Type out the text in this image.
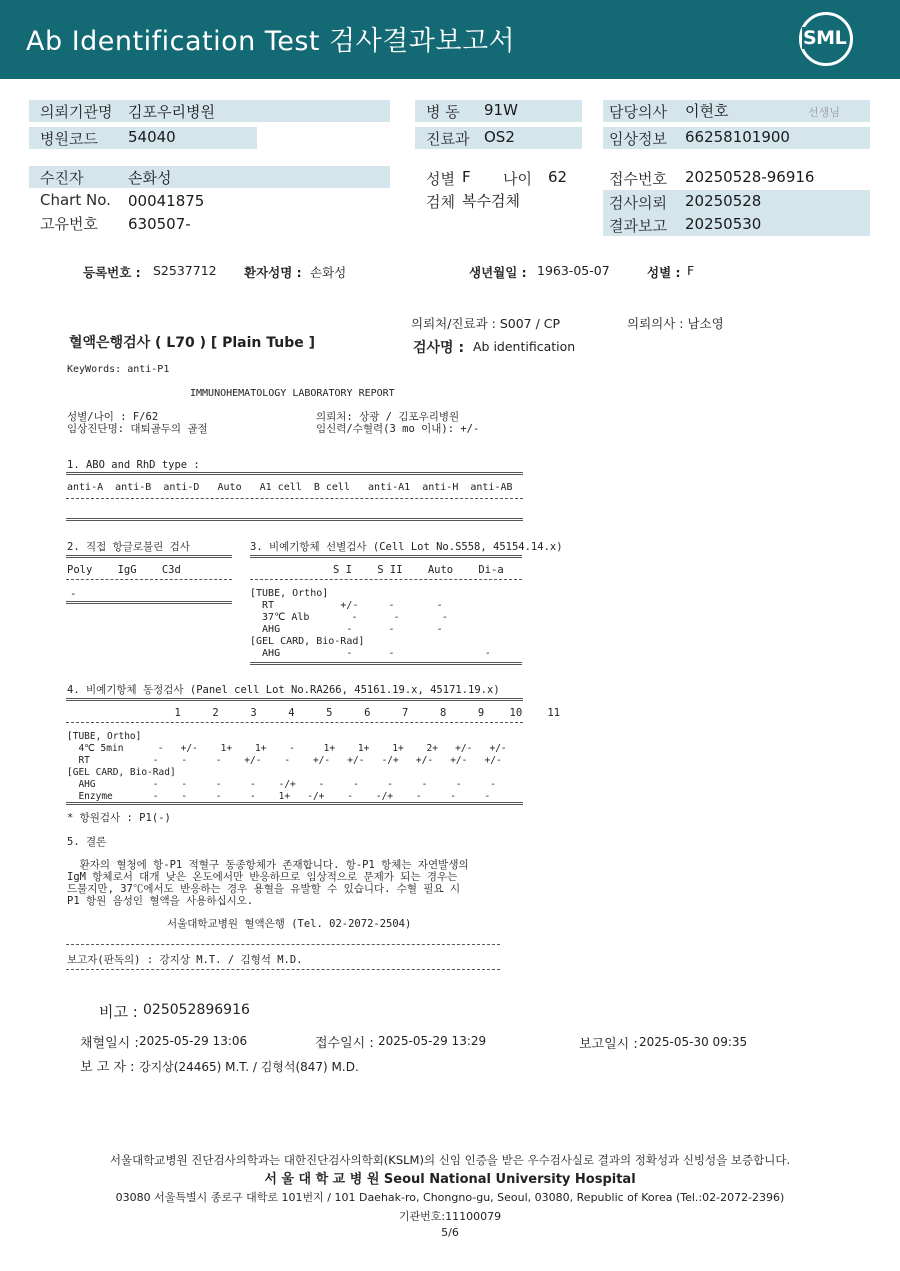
Ab Identification Test 검사결과보고서	SML
의뢰기관명 김포우리병원
병원코드 54040
병 동 91W
진료과 OS2
담당의사 이현호	선생님
임상정보 66258101900
수진자	손화성
Chart No. 00041875
고유번호 630507-
성별 F 나이 62
검체 복수검체
접수번호 20250528-96916
검사의뢰 20250528
결과보고 20250530
등록번호 : S2537712 환자성명 : 손화성	생년월일 : 1963-05-07	성별 : F
혈액은행검사 ( L70 ) [ Plain Tube ]
의뢰처/진료과 : S007 / CP	의뢰의사 : 남소영
검사명 : Ab identification
KeyWords: anti-P1
IMMUNOHEMATOLOGY LABORATORY REPORT
성별/나이 : F/62	의뢰처: 상광 / 김포우리병원
임상진단명: 대퇴골두의 골절	임신력/수혈력(3 mo 이내): +/-
1. ABO and RhD type :
anti-A  anti-B  anti-D   Auto   A1 cell  B cell   anti-A1  anti-H  anti-AB
2. 직접 항글로불린 검사	3. 비예기항체 선별검사 (Cell Lot No.S558, 45154.14.x)
Poly    IgG    C3d	S I    S II    Auto    Di-a
-	[TUBE, Ortho]
RT           +/-     -       -
37℃ Alb       -      -       -
AHG           -      -       -
[GEL CARD, Bio-Rad]
AHG           -      -               -
4. 비예기항체 동정검사 (Panel cell Lot No.RA266, 45161.19.x, 45171.19.x)
1     2     3     4     5     6     7     8     9    10    11
[TUBE, Ortho]
4℃ 5min      -   +/-    1+    1+    -     1+    1+    1+    2+   +/-   +/-
RT           -    -     -    +/-    -    +/-   +/-   -/+   +/-   +/-   +/-
[GEL CARD, Bio-Rad]
AHG          -    -     -     -    -/+    -     -     -     -     -     -
Enzyme       -    -     -     -    1+   -/+    -    -/+    -     -     -
* 항원검사 : P1(-)
5. 결론
환자의 혈청에 항-P1 적혈구 동종항체가 존재합니다. 항-P1 항체는 자연발생의
IgM 항체로서 대개 낮은 온도에서만 반응하므로 임상적으로 문제가 되는 경우는
드물지만, 37℃에서도 반응하는 경우 용혈을 유발할 수 있습니다. 수혈 필요 시
P1 항원 음성인 혈액을 사용하십시오.
서울대학교병원 혈액은행 (Tel. 02-2072-2504)
보고자(판독의) : 강지상 M.T. / 김형석 M.D.
비고 : 025052896916
채혈일시 : 2025-05-29 13:06	접수일시 : 2025-05-29 13:29	보고일시 : 2025-05-30 09:35
보 고 자 : 강지상(24465) M.T. / 김형석(847) M.D.
서울대학교병원 진단검사의학과는 대한진단검사의학회(KSLM)의 신임 인증을 받은 우수검사실로 결과의 정확성과 신빙성을 보증합니다.
서 울 대 학 교 병 원 Seoul National University Hospital
03080 서울특별시 종로구 대학로 101번지 / 101 Daehak-ro, Chongno-gu, Seoul, 03080, Republic of Korea (Tel.:02-2072-2396)
기관번호:11100079
5/6
